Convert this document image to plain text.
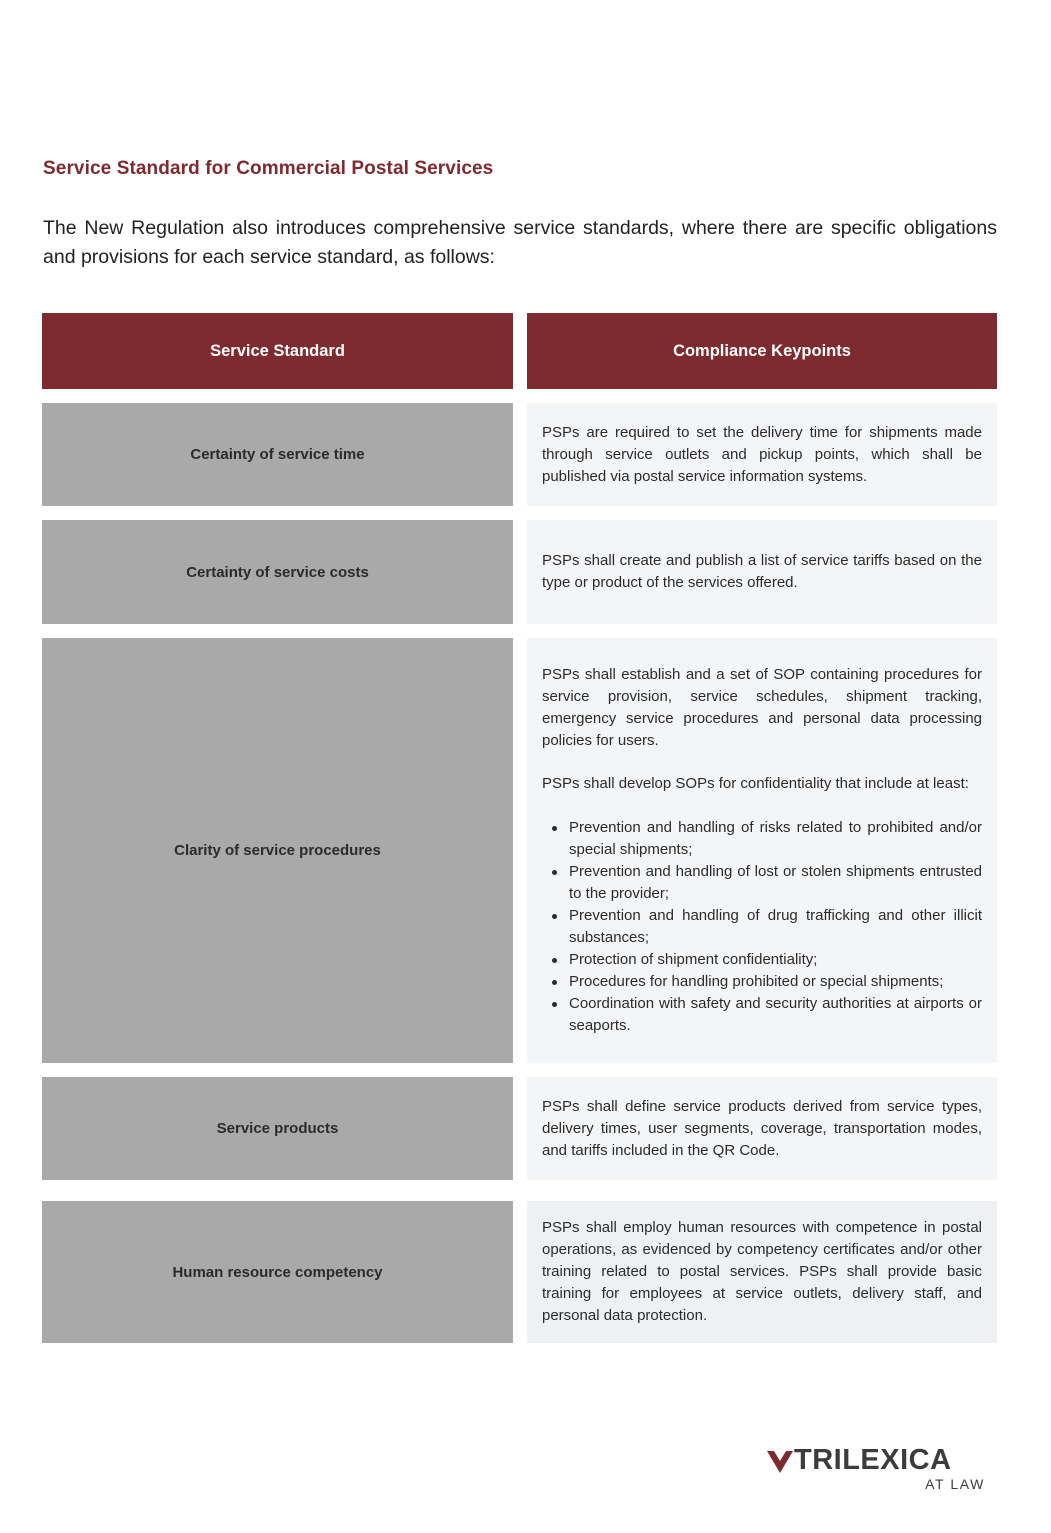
Service Standard for Commercial Postal Services
The New Regulation also introduces comprehensive service standards, where there are specific obligations and provisions for each service standard, as follows:
Service Standard	Compliance Keypoints
Certainty of service time

PSPs are required to set the delivery time for shipments made through service outlets and pickup points, which shall be published via postal service information systems.

Certainty of service costs

PSPs shall create and publish a list of service tariffs based on the type or product of the services offered.

Clarity of service procedures

PSPs shall establish and a set of SOP containing procedures for service provision, service schedules, shipment tracking, emergency service procedures and personal data processing policies for users.

PSPs shall develop SOPs for confidentiality that include at least:

Prevention and handling of risks related to prohibited and/or special shipments;
Prevention and handling of lost or stolen shipments entrusted to the provider;
Prevention and handling of drug trafficking and other illicit substances;
Protection of shipment confidentiality;
Procedures for handling prohibited or special shipments;
Coordination with safety and security authorities at airports or seaports.
Service products

PSPs shall define service products derived from service types, delivery times, user segments, coverage, transportation modes, and tariffs included in the QR Code.

Human resource competency

PSPs shall employ human resources with competence in postal operations, as evidenced by competency certificates and/or other training related to postal services. PSPs shall provide basic training for employees at service outlets, delivery staff, and personal data protection.

TRILEXICA
AT LAW
